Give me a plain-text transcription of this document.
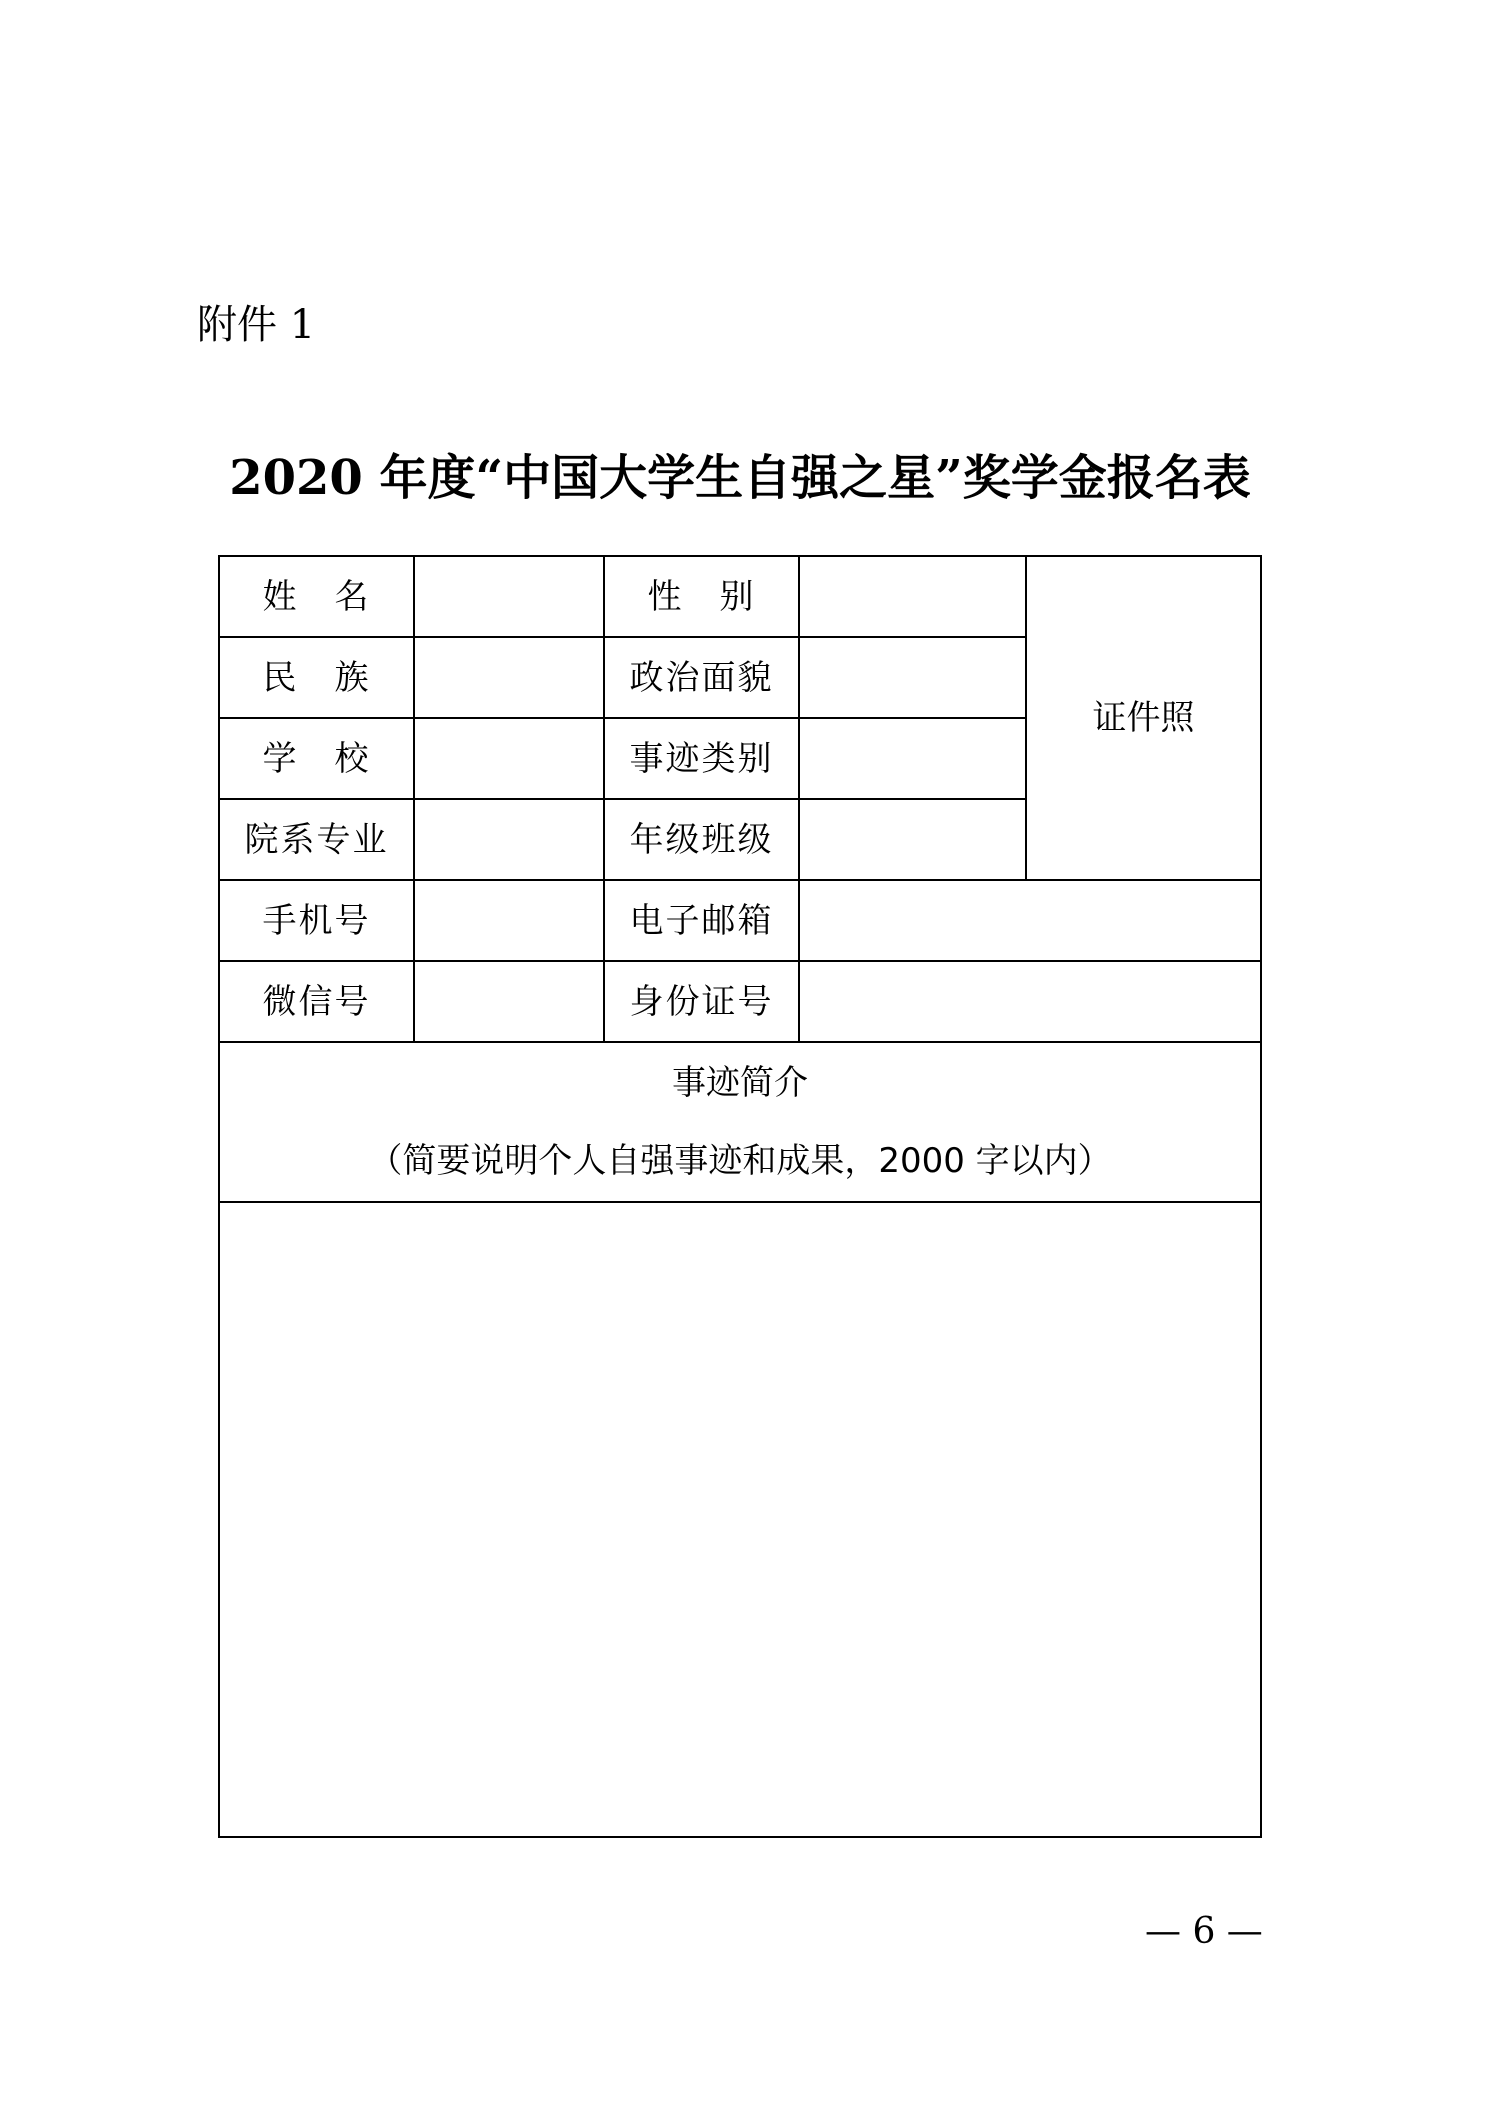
附件 1
2020 年度“中国大学生自强之星”奖学金报名表
姓　名		性　别		证件照
民　族		政治面貌		
学　校		事迹类别		
院系专业		年级班级		
手机号		电子邮箱		
微信号		身份证号		

事迹简介
（简要说明个人自强事迹和成果，2000 字以内）				

— 6 —
